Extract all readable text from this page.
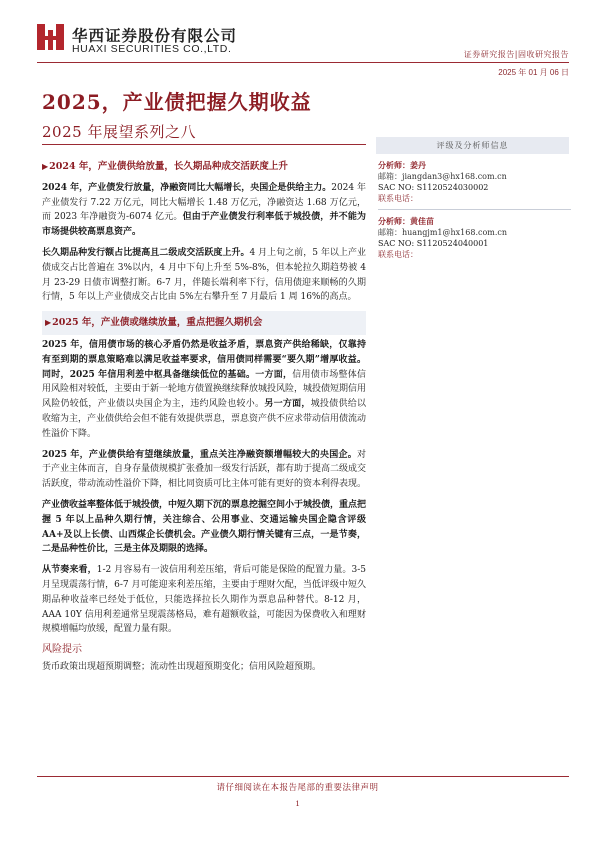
华西证券股份有限公司
HUAXI SECURITIES CO.,LTD.	证券研究报告|固收研究报告
2025 年 01 月 06 日
2025，产业债把握久期收益
2025 年展望系列之八
▶2024 年，产业债供给放量，长久期品种成交活跃度上升
2024 年，产业债发行放量，净融资同比大幅增长，央国企是供给主力。2024 年产业债发行 7.22 万亿元，同比大幅增长 1.48 万亿元，净融资达 1.68 万亿元，而 2023 年净融资为-6074 亿元。但由于产业债发行利率低于城投债，并不能为市场提供较高票息资产。
长久期品种发行额占比提高且二级成交活跃度上升。4 月上旬之前，5 年以上产业债成交占比普遍在 3%以内，4 月中下旬上升至 5%-8%，但本轮拉久期趋势被 4 月 23-29 日债市调整打断。6-7 月，伴随长端利率下行，信用债迎来顺畅的久期行情，5 年以上产业债成交占比由 5%左右攀升至 7 月最后 1 周 16%的高点。
▶2025 年，产业债或继续放量，重点把握久期机会
2025 年，信用债市场的核心矛盾仍然是收益矛盾，票息资产供给稀缺，仅靠持有至到期的票息策略难以满足收益率要求，信用债同样需要“要久期”增厚收益。同时，2025 年信用利差中枢具备继续低位的基础。一方面，信用债市场整体信用风险相对较低，主要由于新一轮地方债置换继续释放城投风险，城投债短期信用风险仍较低，产业债以央国企为主，违约风险也较小。另一方面，城投债供给以收缩为主，产业债供给会但不能有效提供票息，票息资产供不应求带动信用债流动性溢价下降。
2025 年，产业债供给有望继续放量，重点关注净融资额增幅较大的央国企。对于产业主体而言，自身存量债规模扩张叠加一级发行活跃，都有助于提高二级成交活跃度，带动流动性溢价下降，相比同资质可比主体可能有更好的资本利得表现。
产业债收益率整体低于城投债，中短久期下沉的票息挖掘空间小于城投债，重点把握 5 年以上品种久期行情，关注综合、公用事业、交通运输央国企隐含评级 AA+及以上长债、山西煤企长债机会。产业债久期行情关键有三点，一是节奏，二是品种性价比，三是主体及期限的选择。
从节奏来看，1-2 月容易有一波信用利差压缩，背后可能是保险的配置力量。3-5 月呈现震荡行情，6-7 月可能迎来利差压缩，主要由于理财欠配，当低评级中短久期品种收益率已经处于低位，只能选择拉长久期作为票息品种替代。8-12 月，AAA 10Y 信用利差通常呈现震荡格局，难有超额收益，可能因为保费收入和理财规模增幅均放缓，配置力量有限。
风险提示
货币政策出现超预期调整；流动性出现超预期变化；信用风险超预期。
评级及分析师信息
分析师：姜丹
邮箱：jiangdan3@hx168.com.cn
SAC NO: S1120524030002
联系电话：
分析师：黄佳苗
邮箱：huangjm1@hx168.com.cn
SAC NO: S1120524040001
联系电话：
请仔细阅读在本报告尾部的重要法律声明
1
